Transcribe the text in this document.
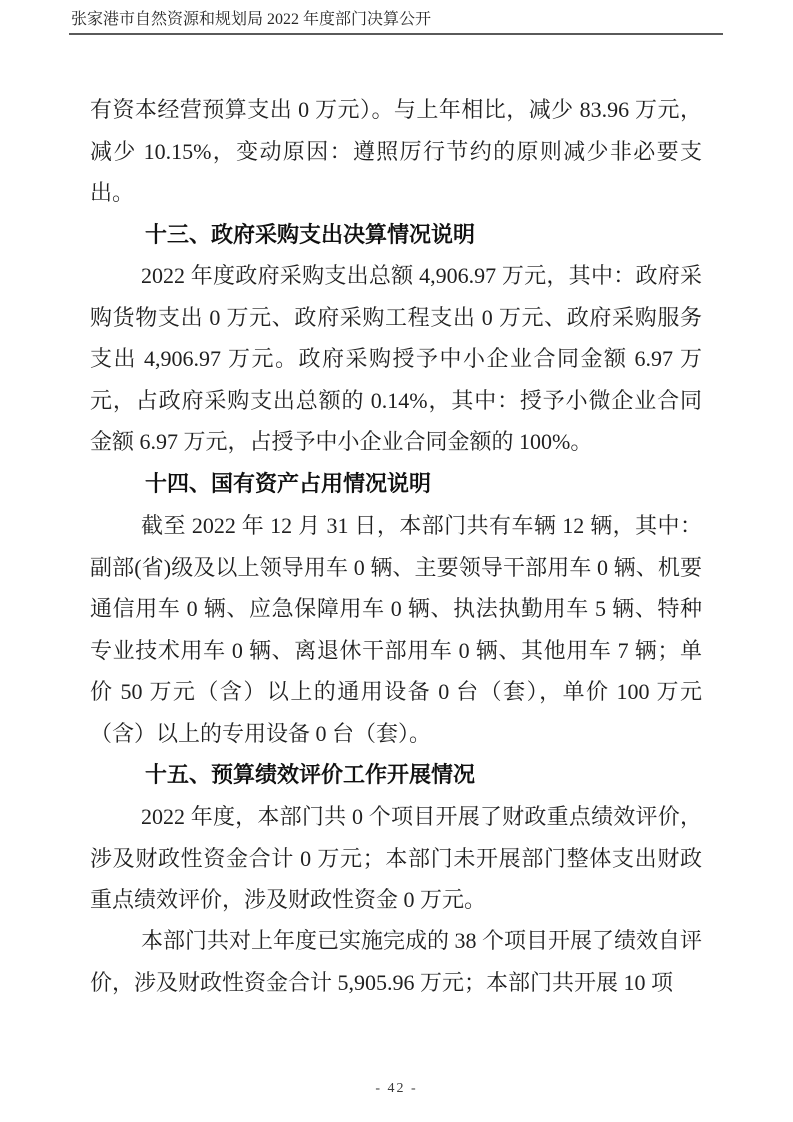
张家港市自然资源和规划局 2022 年度部门决算公开
有资本经营预算支出 0 万元）。与上年相比，减少 83.96 万元，减少 10.15%，变动原因：遵照厉行节约的原则减少非必要支出。
十三、政府采购支出决算情况说明
2022 年度政府采购支出总额 4,906.97 万元，其中：政府采购货物支出 0 万元、政府采购工程支出 0 万元、政府采购服务支出 4,906.97 万元。政府采购授予中小企业合同金额 6.97 万元，占政府采购支出总额的 0.14%，其中：授予小微企业合同金额 6.97 万元，占授予中小企业合同金额的 100%。
十四、国有资产占用情况说明
截至 2022 年 12 月 31 日，本部门共有车辆 12 辆，其中：副部(省)级及以上领导用车 0 辆、主要领导干部用车 0 辆、机要通信用车 0 辆、应急保障用车 0 辆、执法执勤用车 5 辆、特种专业技术用车 0 辆、离退休干部用车 0 辆、其他用车 7 辆；单价 50 万元（含）以上的通用设备 0 台（套），单价 100 万元（含）以上的专用设备 0 台（套）。
十五、预算绩效评价工作开展情况
2022 年度，本部门共 0 个项目开展了财政重点绩效评价，涉及财政性资金合计 0 万元；本部门未开展部门整体支出财政重点绩效评价，涉及财政性资金 0 万元。
本部门共对上年度已实施完成的 38 个项目开展了绩效自评价，涉及财政性资金合计 5,905.96 万元；本部门共开展 10 项
- 42 -
